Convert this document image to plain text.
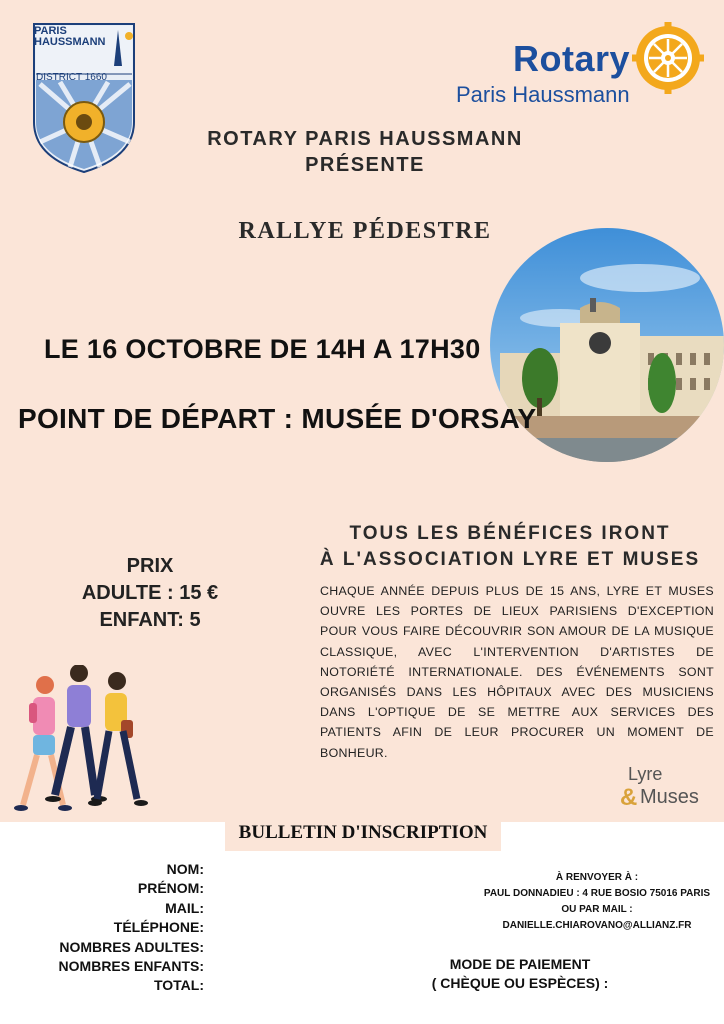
PARIS
HAUSSMANN
DISTRICT 1660	Rotary
Paris Haussmann
ROTARY PARIS HAUSSMANN
PRÉSENTE
RALLYE PÉDESTRE
LE 16 OCTOBRE DE 14H A 17H30
POINT DE DÉPART : MUSÉE D'ORSAY
PRIX
ADULTE : 15 €
ENFANT: 5
TOUS LES BÉNÉFICES IRONT
À L'ASSOCIATION LYRE ET MUSES
CHAQUE ANNÉE DEPUIS PLUS DE 15 ANS, LYRE ET MUSES OUVRE LES PORTES DE LIEUX PARISIENS D'EXCEPTION POUR VOUS FAIRE DÉCOUVRIR SON AMOUR DE LA MUSIQUE CLASSIQUE, AVEC L'INTERVENTION D'ARTISTES DE NOTORIÉTÉ INTERNATIONALE. DES ÉVÉNEMENTS SONT ORGANISÉS DANS LES HÔPITAUX AVEC DES MUSICIENS DANS L'OPTIQUE DE SE METTRE AUX SERVICES DES PATIENTS AFIN DE LEUR PROCURER UN MOMENT DE BONHEUR.
Lyre
& Muses
BULLETIN D'INSCRIPTION
NOM:
PRÉNOM:
MAIL:
TÉLÉPHONE:
NOMBRES ADULTES:
NOMBRES ENFANTS:
TOTAL:
À RENVOYER À :
PAUL DONNADIEU : 4 RUE BOSIO 75016 PARIS
OU PAR MAIL :
DANIELLE.CHIAROVANO@ALLIANZ.FR
MODE DE PAIEMENT
( CHÈQUE OU ESPÈCES) :
